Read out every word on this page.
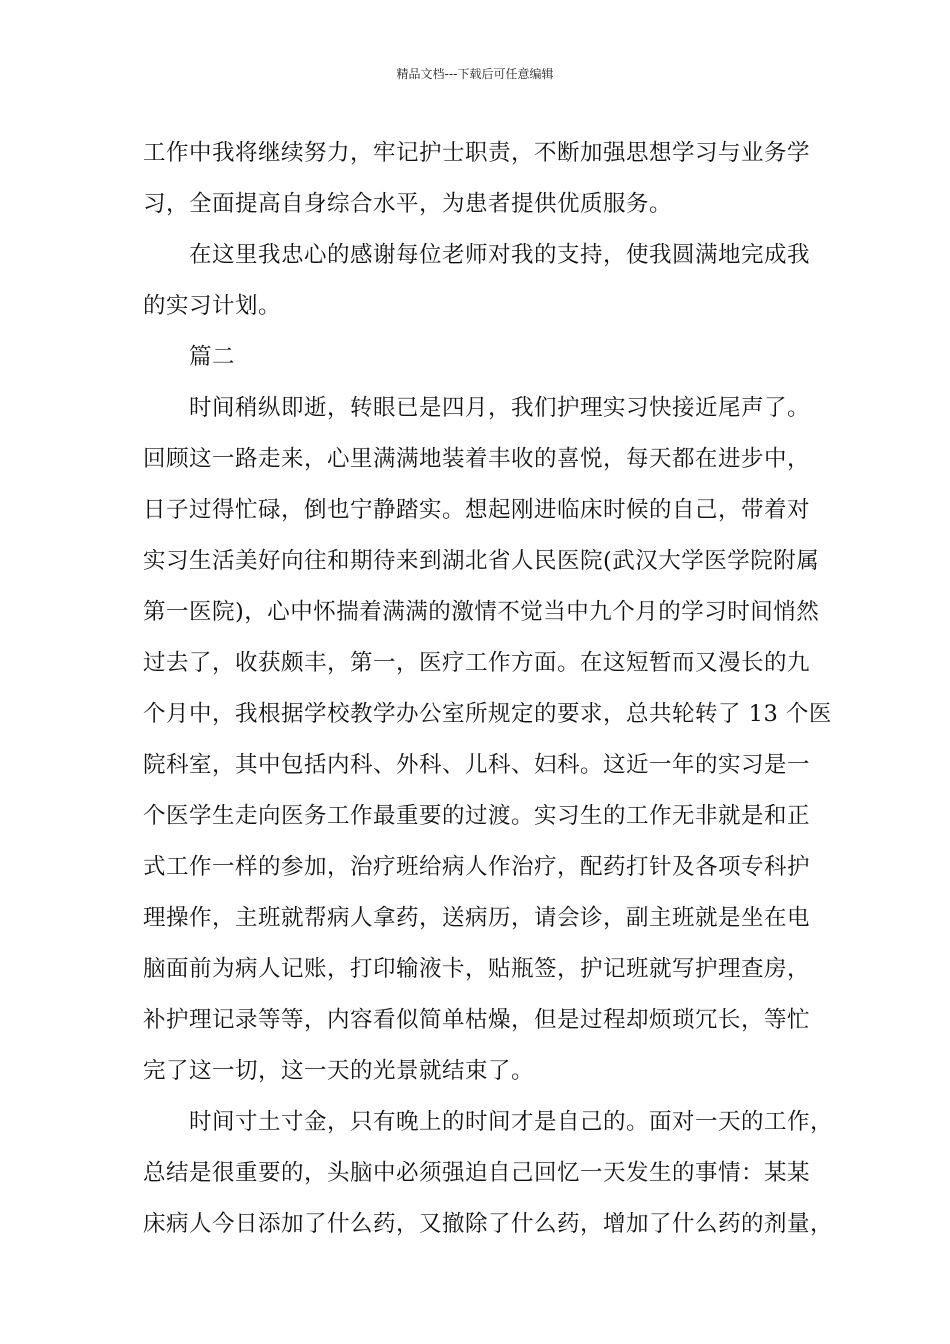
精品文档---下载后可任意编辑
工作中我将继续努力，牢记护士职责，不断加强思想学习与业务学
习，全面提高自身综合水平，为患者提供优质服务。
在这里我忠心的感谢每位老师对我的支持，使我圆满地完成我
的实习计划。
篇二
时间稍纵即逝，转眼已是四月，我们护理实习快接近尾声了。
回顾这一路走来，心里满满地装着丰收的喜悦，每天都在进步中，
日子过得忙碌，倒也宁静踏实。想起刚进临床时候的自己，带着对
实习生活美好向往和期待来到湖北省人民医院(武汉大学医学院附属
第一医院)，心中怀揣着满满的激情不觉当中九个月的学习时间悄然
过去了，收获颇丰，第一，医疗工作方面。在这短暂而又漫长的九
个月中，我根据学校教学办公室所规定的要求，总共轮转了 13 个医
院科室，其中包括内科、外科、儿科、妇科。这近一年的实习是一
个医学生走向医务工作最重要的过渡。实习生的工作无非就是和正
式工作一样的参加，治疗班给病人作治疗，配药打针及各项专科护
理操作，主班就帮病人拿药，送病历，请会诊，副主班就是坐在电
脑面前为病人记账，打印输液卡，贴瓶签，护记班就写护理查房，
补护理记录等等，内容看似简单枯燥，但是过程却烦琐冗长，等忙
完了这一切，这一天的光景就结束了。
时间寸土寸金，只有晚上的时间才是自己的。面对一天的工作，
总结是很重要的，头脑中必须强迫自己回忆一天发生的事情：某某
床病人今日添加了什么药，又撤除了什么药，增加了什么药的剂量，
